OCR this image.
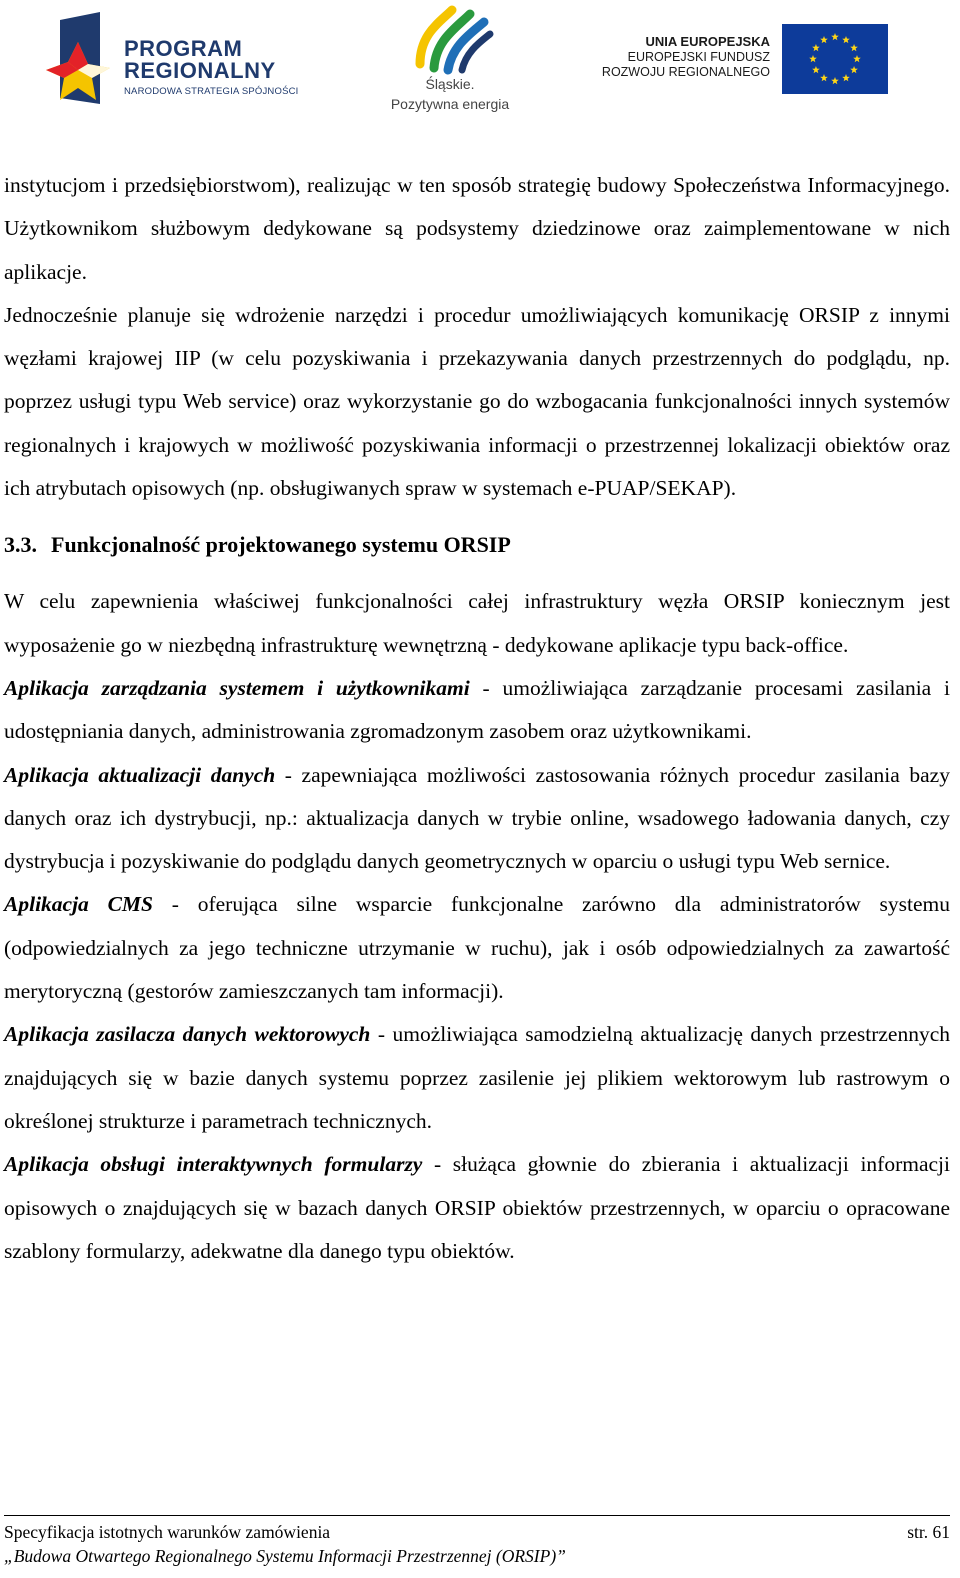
PROGRAM
REGIONALNY
NARODOWA STRATEGIA SPÓJNOŚCI	Śląskie.
Pozytywna energia
UNIA EUROPEJSKA
EUROPEJSKI FUNDUSZ
ROZWOJU REGIONALNEGO

instytucjom i przedsiębiorstwom), realizując w ten sposób strategię budowy Społeczeństwa Informacyjnego. Użytkownikom służbowym dedykowane są podsystemy dziedzinowe oraz zaimplementowane w nich aplikacje.

Jednocześnie planuje się wdrożenie narzędzi i procedur umożliwiających komunikację ORSIP z innymi węzłami krajowej IIP (w celu pozyskiwania i przekazywania danych przestrzennych do podglądu, np. poprzez usługi typu Web service) oraz wykorzystanie go do wzbogacania funkcjonalności innych systemów regionalnych i krajowych w możliwość pozyskiwania informacji o przestrzennej lokalizacji obiektów oraz ich atrybutach opisowych (np. obsługiwanych spraw w systemach e-PUAP/SEKAP).

3.3. Funkcjonalność projektowanego systemu ORSIP

W celu zapewnienia właściwej funkcjonalności całej infrastruktury węzła ORSIP koniecznym jest wyposażenie go w niezbędną infrastrukturę wewnętrzną - dedykowane aplikacje typu back-office.

Aplikacja zarządzania systemem i użytkownikami - umożliwiająca zarządzanie procesami zasilania i udostępniania danych, administrowania zgromadzonym zasobem oraz użytkownikami.

Aplikacja aktualizacji danych - zapewniająca możliwości zastosowania różnych procedur zasilania bazy danych oraz ich dystrybucji, np.: aktualizacja danych w trybie online, wsadowego ładowania danych, czy dystrybucja i pozyskiwanie do podglądu danych geometrycznych w oparciu o usługi typu Web sernice.

Aplikacja CMS - oferująca silne wsparcie funkcjonalne zarówno dla administratorów systemu (odpowiedzialnych za jego techniczne utrzymanie w ruchu), jak i osób odpowiedzialnych za zawartość merytoryczną (gestorów zamieszczanych tam informacji).

Aplikacja zasilacza danych wektorowych - umożliwiająca samodzielną aktualizację danych przestrzennych znajdujących się w bazie danych systemu poprzez zasilenie jej plikiem wektorowym lub rastrowym o określonej strukturze i parametrach technicznych.

Aplikacja obsługi interaktywnych formularzy - służąca głownie do zbierania i aktualizacji informacji opisowych o znajdujących się w bazach danych ORSIP obiektów przestrzennych, w oparciu o opracowane szablony formularzy, adekwatne dla danego typu obiektów.

Specyfikacja istotnych warunków zamówienia	str. 61
„Budowa Otwartego Regionalnego Systemu Informacji Przestrzennej (ORSIP)”
